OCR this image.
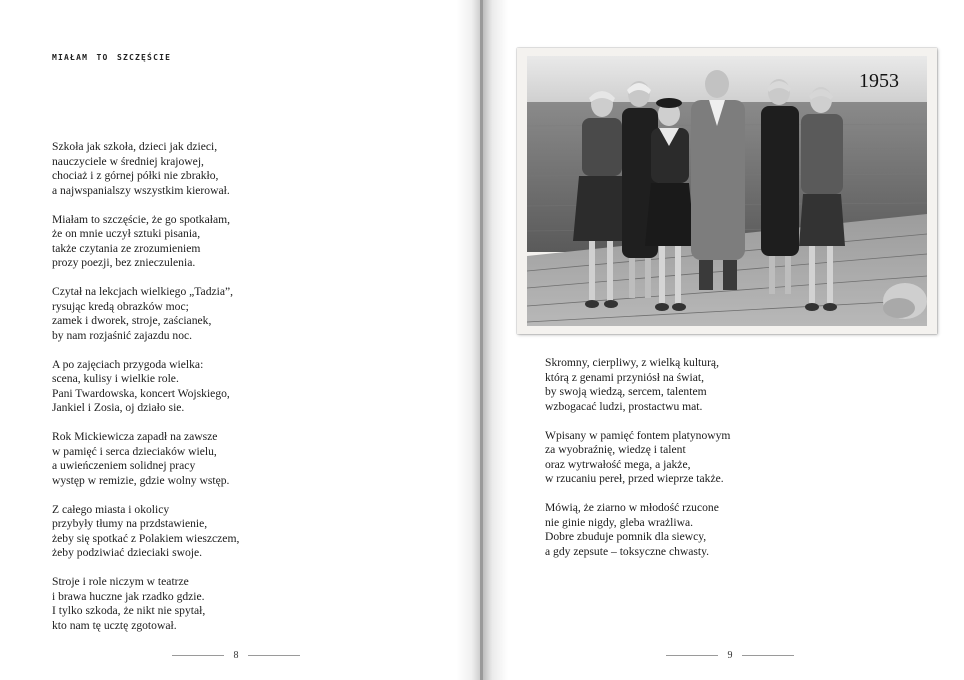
miałam to szczęście
Szkoła jak szkoła, dzieci jak dzieci,
nauczyciele w średniej krajowej,
chociaż i z górnej półki nie zbrakło,
a najwspanialszy wszystkim kierował.
Miałam to szczęście, że go spotkałam,
że on mnie uczył sztuki pisania,
także czytania ze zrozumieniem
prozy poezji, bez znieczulenia.
Czytał na lekcjach wielkiego „Tadzia”,
rysując kredą obrazków moc;
zamek i dworek, stroje, zaścianek,
by nam rozjaśnić zajazdu noc.
A po zajęciach przygoda wielka:
scena, kulisy i wielkie role.
Pani Twardowska, koncert Wojskiego,
Jankiel i Zosia, oj działo sie.
Rok Mickiewicza zapadł na zawsze
w pamięć i serca dzieciaków wielu,
a uwieńczeniem solidnej pracy
występ w remizie, gdzie wolny wstęp.
Z całego miasta i okolicy
przybyły tłumy na przdstawienie,
żeby się spotkać z Polakiem wieszczem,
żeby podziwiać dzieciaki swoje.
Stroje i role niczym w teatrze
i brawa huczne jak rzadko gdzie.
I tylko szkoda, że nikt nie spytał,
kto nam tę ucztę zgotował.
8
1953
Skromny, cierpliwy, z wielką kulturą,
którą z genami przyniósł na świat,
by swoją wiedzą, sercem, talentem
wzbogacać ludzi, prostactwu mat.
Wpisany w pamięć fontem platynowym
za wyobraźnię, wiedzę i talent
oraz wytrwałość mega, a jakże,
w rzucaniu pereł, przed wieprze także.
Mówią, że ziarno w młodość rzucone
nie ginie nigdy, gleba wrażliwa.
Dobre zbuduje pomnik dla siewcy,
a gdy zepsute – toksyczne chwasty.
9
